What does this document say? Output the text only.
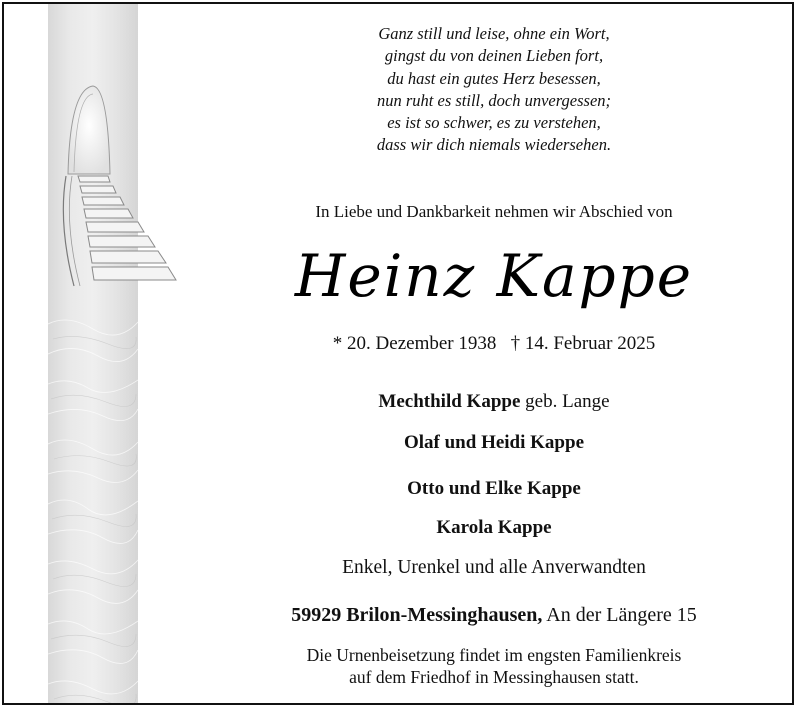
Ganz still und leise, ohne ein Wort,
gingst du von deinen Lieben fort,
du hast ein gutes Herz besessen,
nun ruht es still, doch unvergessen;
es ist so schwer, es zu verstehen,
dass wir dich niemals wiedersehen.

In Liebe und Dankbarkeit nehmen wir Abschied von

Heinz Kappe

* 20. Dezember 1938 † 14. Februar 2025

Mechthild Kappe geb. Lange

Olaf und Heidi Kappe

Otto und Elke Kappe

Karola Kappe

Enkel, Urenkel und alle Anverwandten

59929 Brilon-Messinghausen, An der Längere 15

Die Urnenbeisetzung findet im engsten Familienkreis
auf dem Friedhof in Messinghausen statt.
